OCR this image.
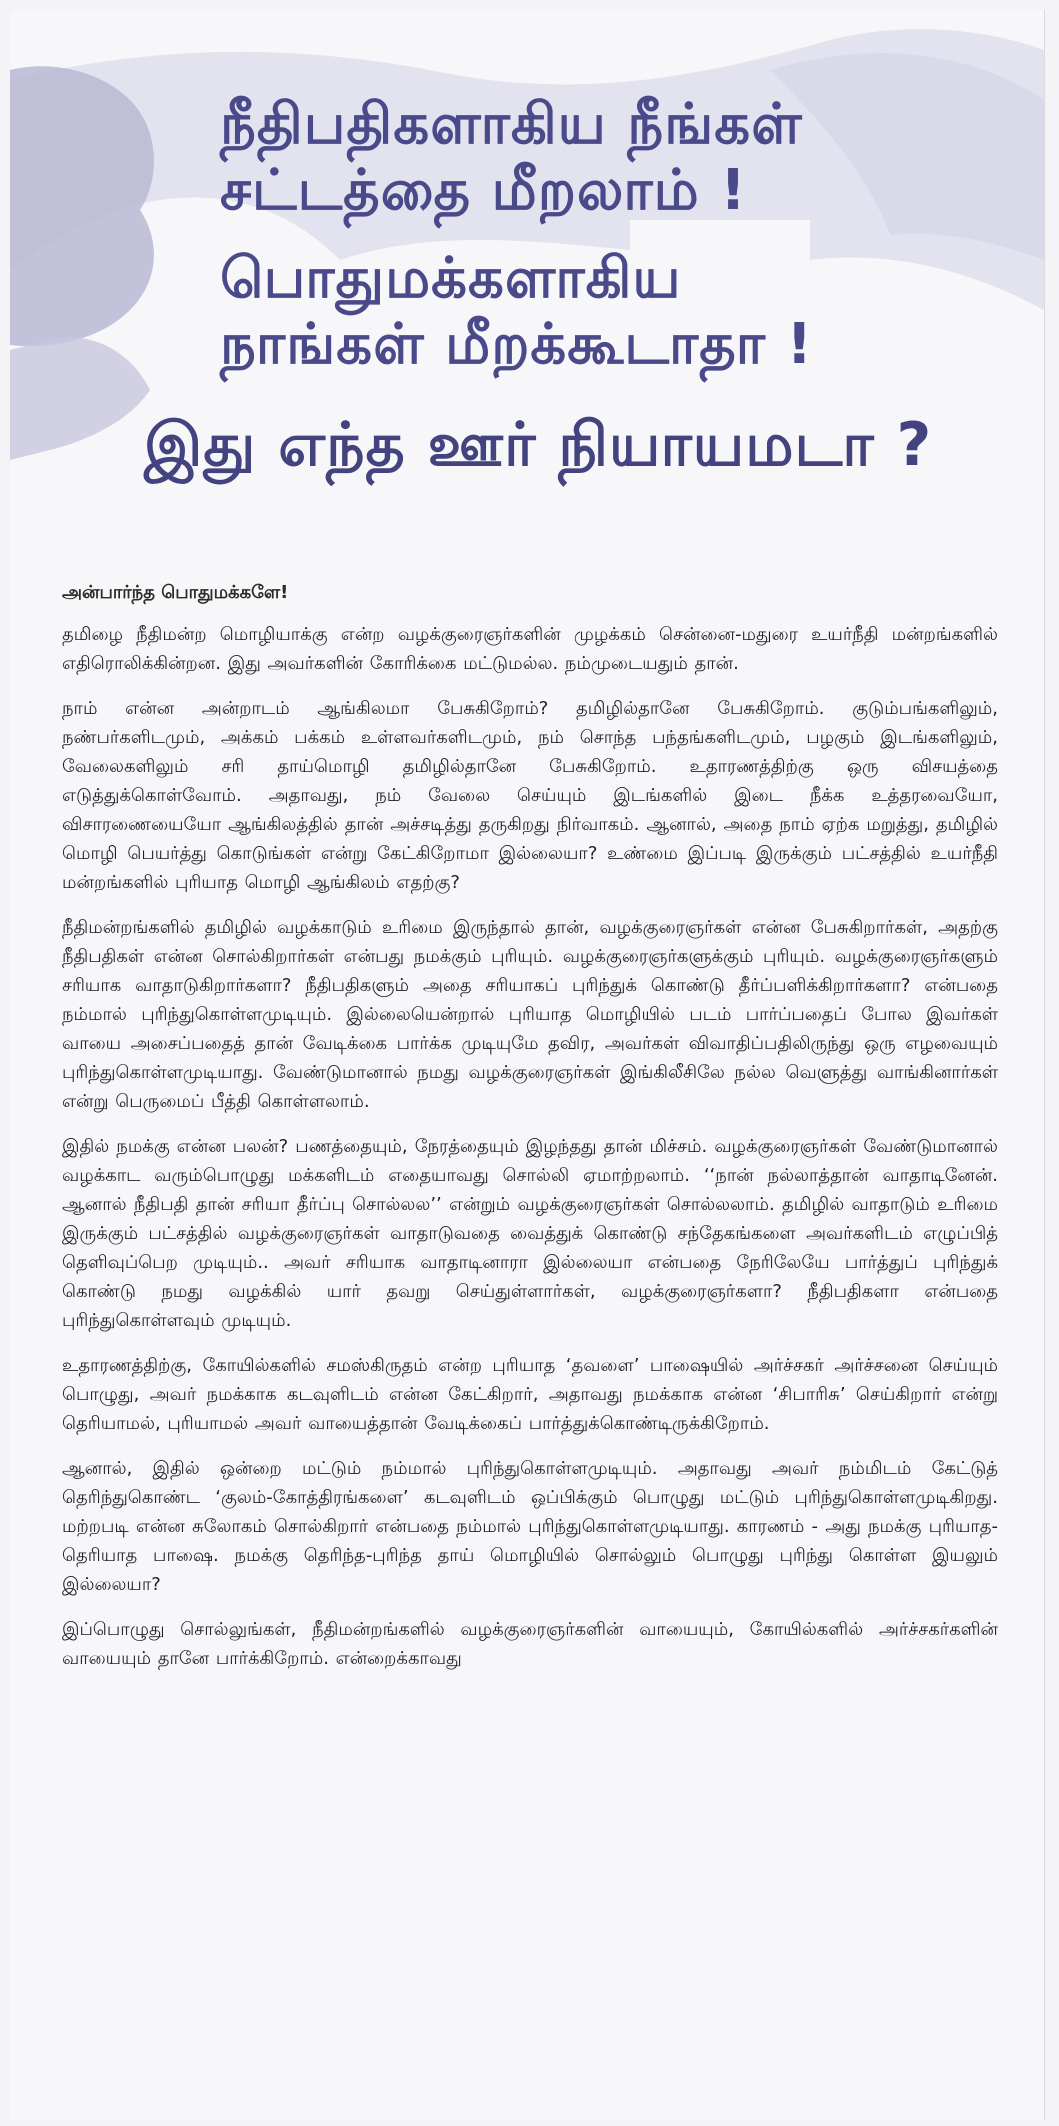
நீதிபதிகளாகிய நீங்கள்
சட்டத்தை மீறலாம் !
பொதுமக்களாகிய
நாங்கள் மீறக்கூடாதா !
இது எந்த ஊர் நியாயமடா ?
அன்பார்ந்த பொதுமக்களே!

தமிழை நீதிமன்ற மொழியாக்கு என்ற வழக்குரைஞர்களின் முழக்கம் சென்னை-மதுரை உயர்நீதி மன்றங்களில் எதிரொலிக்கின்றன. இது அவர்களின் கோரிக்கை மட்டுமல்ல. நம்முடையதும் தான்.

நாம் என்ன அன்றாடம் ஆங்கிலமா பேசுகிறோம்? தமிழில்தானே பேசுகிறோம். குடும்பங்களிலும், நண்பர்களிடமும், அக்கம் பக்கம் உள்ளவர்களிடமும், நம் சொந்த பந்தங்களிடமும், பழகும் இடங்களிலும், வேலைகளிலும் சரி தாய்மொழி தமிழில்தானே பேசுகிறோம். உதாரணத்திற்கு ஒரு விசயத்தை எடுத்துக்கொள்வோம். அதாவது, நம் வேலை செய்யும் இடங்களில் இடை நீக்க உத்தரவையோ, விசாரணையையோ ஆங்கிலத்தில் தான் அச்சடித்து தருகிறது நிர்வாகம். ஆனால், அதை நாம் ஏற்க மறுத்து, தமிழில் மொழி பெயர்த்து கொடுங்கள் என்று கேட்கிறோமா இல்லையா? உண்மை இப்படி இருக்கும் பட்சத்தில் உயர்நீதி மன்றங்களில் புரியாத மொழி ஆங்கிலம் எதற்கு?

நீதிமன்றங்களில் தமிழில் வழக்காடும் உரிமை இருந்தால் தான், வழக்குரைஞர்கள் என்ன பேசுகிறார்கள், அதற்கு நீதிபதிகள் என்ன சொல்கிறார்கள் என்பது நமக்கும் புரியும். வழக்குரைஞர்களுக்கும் புரியும். வழக்குரைஞர்களும் சரியாக வாதாடுகிறார்களா? நீதிபதிகளும் அதை சரியாகப் புரிந்துக் கொண்டு தீர்ப்பளிக்கிறார்களா? என்பதை நம்மால் புரிந்துகொள்ளமுடியும். இல்லையென்றால் புரியாத மொழியில் படம் பார்ப்பதைப் போல இவர்கள் வாயை அசைப்பதைத் தான் வேடிக்கை பார்க்க முடியுமே தவிர, அவர்கள் விவாதிப்பதிலிருந்து ஒரு எழவையும் புரிந்துகொள்ளமுடியாது. வேண்டுமானால் நமது வழக்குரைஞர்கள் இங்கிலீசிலே நல்ல வெளுத்து வாங்கினார்கள் என்று பெருமைப் பீத்தி கொள்ளலாம்.

இதில் நமக்கு என்ன பலன்? பணத்தையும், நேரத்தையும் இழந்தது தான் மிச்சம். வழக்குரைஞர்கள் வேண்டுமானால் வழக்காட வரும்பொழுது மக்களிடம் எதையாவது சொல்லி ஏமாற்றலாம். ‘‘நான் நல்லாத்தான் வாதாடினேன். ஆனால் நீதிபதி தான் சரியா தீர்ப்பு சொல்லல’’ என்றும் வழக்குரைஞர்கள் சொல்லலாம். தமிழில் வாதாடும் உரிமை இருக்கும் பட்சத்தில் வழக்குரைஞர்கள் வாதாடுவதை வைத்துக் கொண்டு சந்தேகங்களை அவர்களிடம் எழுப்பித் தெளிவுப்பெற முடியும்.. அவர் சரியாக வாதாடினாரா இல்லையா என்பதை நேரிலேயே பார்த்துப் புரிந்துக் கொண்டு நமது வழக்கில் யார் தவறு செய்துள்ளார்கள், வழக்குரைஞர்களா? நீதிபதிகளா என்பதை புரிந்துகொள்ளவும் முடியும்.

உதாரணத்திற்கு, கோயில்களில் சமஸ்கிருதம் என்ற புரியாத ‘தவளை’ பாஷையில் அர்ச்சகர் அர்ச்சனை செய்யும் பொழுது, அவர் நமக்காக கடவுளிடம் என்ன கேட்கிறார், அதாவது நமக்காக என்ன ‘சிபாரிசு’ செய்கிறார் என்று தெரியாமல், புரியாமல் அவர் வாயைத்தான் வேடிக்கைப் பார்த்துக்கொண்டிருக்கிறோம்.

ஆனால், இதில் ஒன்றை மட்டும் நம்மால் புரிந்துகொள்ளமுடியும். அதாவது அவர் நம்மிடம் கேட்டுத் தெரிந்துகொண்ட ‘குலம்-கோத்திரங்களை’ கடவுளிடம் ஒப்பிக்கும் பொழுது மட்டும் புரிந்துகொள்ளமுடிகிறது. மற்றபடி என்ன சுலோகம் சொல்கிறார் என்பதை நம்மால் புரிந்துகொள்ளமுடியாது. காரணம் - அது நமக்கு புரியாத-தெரியாத பாஷை. நமக்கு தெரிந்த-புரிந்த தாய் மொழியில் சொல்லும் பொழுது புரிந்து கொள்ள இயலும் இல்லையா?

இப்பொழுது சொல்லுங்கள், நீதிமன்றங்களில் வழக்குரைஞர்களின் வாயையும், கோயில்களில் அர்ச்சகர்களின் வாயையும் தானே பார்க்கிறோம். என்றைக்காவது
